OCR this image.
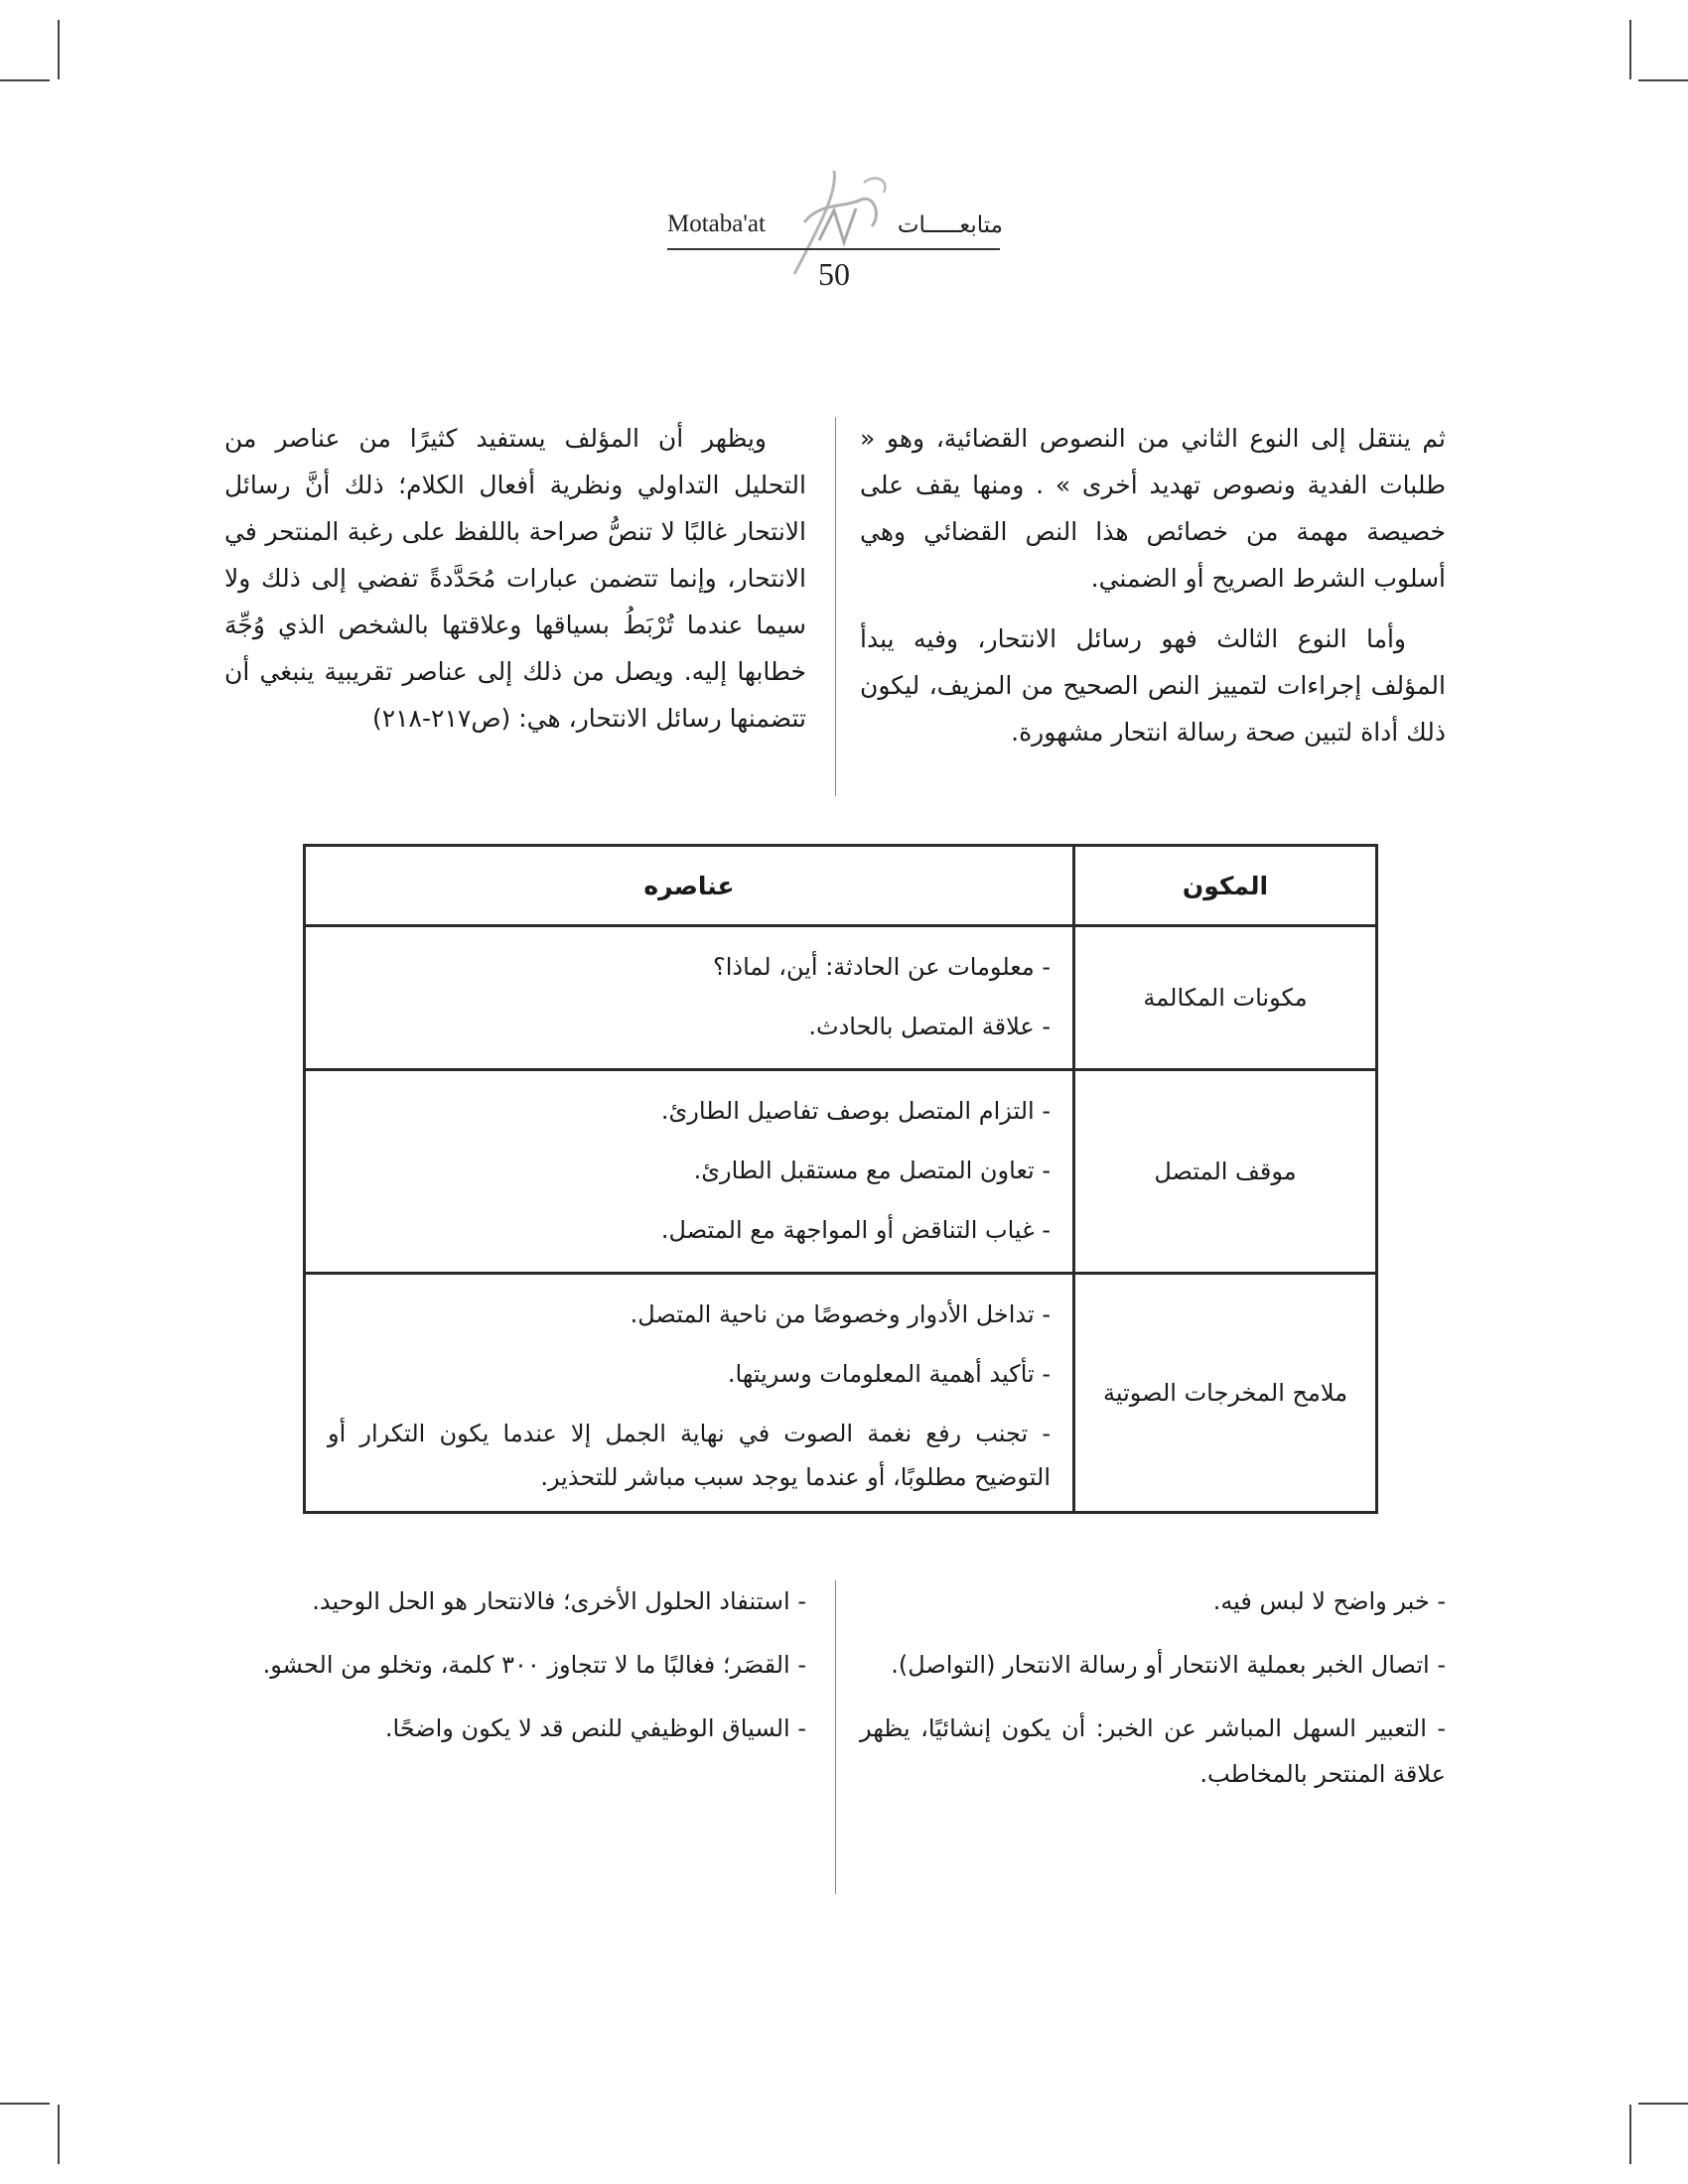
Motaba'at	متابعـــــات
50

ثم ينتقل إلى النوع الثاني من النصوص القضائية، وهو « طلبات الفدية ونصوص تهديد أخرى » . ومنها يقف على خصيصة مهمة من خصائص هذا النص القضائي وهي أسلوب الشرط الصريح أو الضمني.

وأما النوع الثالث فهو رسائل الانتحار، وفيه يبدأ المؤلف إجراءات لتمييز النص الصحيح من المزيف، ليكون ذلك أداة لتبين صحة رسالة انتحار مشهورة.

ويظهر أن المؤلف يستفيد كثيرًا من عناصر من التحليل التداولي ونظرية أفعال الكلام؛ ذلك أنَّ رسائل الانتحار غالبًا لا تنصُّ صراحة باللفظ على رغبة المنتحر في الانتحار، وإنما تتضمن عبارات مُحَدَّدةً تفضي إلى ذلك ولا سيما عندما تُرْبَطُ بسياقها وعلاقتها بالشخص الذي وُجِّهَ خطابها إليه. ويصل من ذلك إلى عناصر تقريبية ينبغي أن تتضمنها رسائل الانتحار، هي: (ص٢١٧-٢١٨)

المكون	عناصره
مكونات المكالمة	- معلومات عن الحادثة: أين، لماذا؟
- علاقة المتصل بالحادث.

موقف المتصل	- التزام المتصل بوصف تفاصيل الطارئ.
- تعاون المتصل مع مستقبل الطارئ.
- غياب التناقض أو المواجهة مع المتصل.

ملامح المخرجات الصوتية	- تداخل الأدوار وخصوصًا من ناحية المتصل.
- تأكيد أهمية المعلومات وسريتها.
- تجنب رفع نغمة الصوت في نهاية الجمل إلا عندما يكون التكرار أو التوضيح مطلوبًا، أو عندما يوجد سبب مباشر للتحذير.
- خبر واضح لا لبس فيه.
- اتصال الخبر بعملية الانتحار أو رسالة الانتحار (التواصل).
- التعبير السهل المباشر عن الخبر: أن يكون إنشائيًا، يظهر علاقة المنتحر بالمخاطب.
- استنفاد الحلول الأخرى؛ فالانتحار هو الحل الوحيد.
- القصَر؛ فغالبًا ما لا تتجاوز ٣٠٠ كلمة، وتخلو من الحشو.
- السياق الوظيفي للنص قد لا يكون واضحًا.
